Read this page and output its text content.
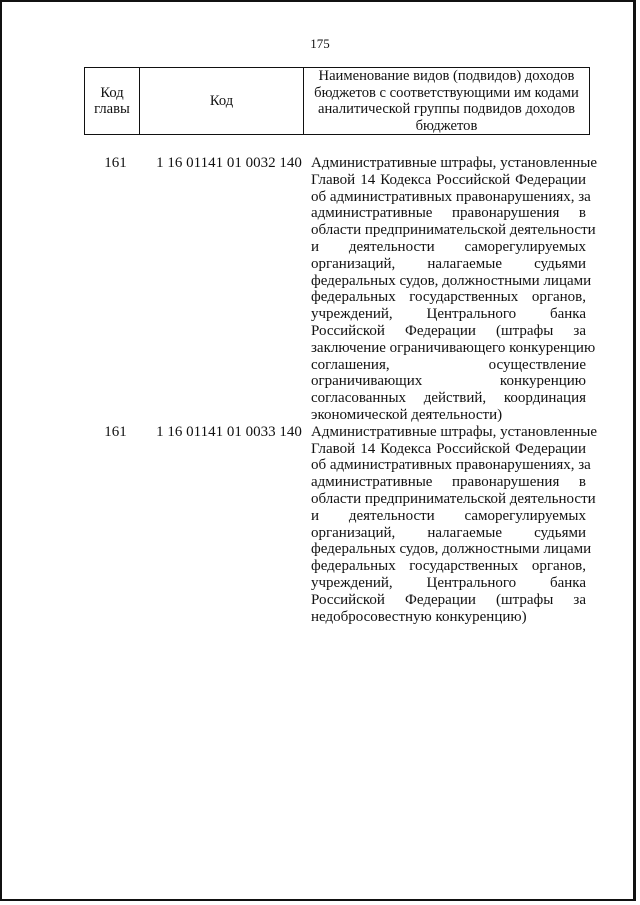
175
Код главы	Код	
Наименование видов (подвидов) доходов
бюджетов с соответствующими им кодами
аналитической группы подвидов доходов
бюджетов
161	1 16 01141 01 0032 140 Административные штрафы, установленные
Главой 14 Кодекса Российской Федерации
об административных правонарушениях, за
административные правонарушения в
области предпринимательской деятельности
и деятельности саморегулируемых
организаций, налагаемые судьями
федеральных судов, должностными лицами
федеральных государственных органов,
учреждений, Центрального банка
Российской Федерации (штрафы за
заключение ограничивающего конкуренцию
соглашения, осуществление
ограничивающих конкуренцию
согласованных действий, координация
экономической деятельности)
161	1 16 01141 01 0033 140 Административные штрафы, установленные
Главой 14 Кодекса Российской Федерации
об административных правонарушениях, за
административные правонарушения в
области предпринимательской деятельности
и деятельности саморегулируемых
организаций, налагаемые судьями
федеральных судов, должностными лицами
федеральных государственных органов,
учреждений, Центрального банка
Российской Федерации (штрафы за
недобросовестную конкуренцию)
